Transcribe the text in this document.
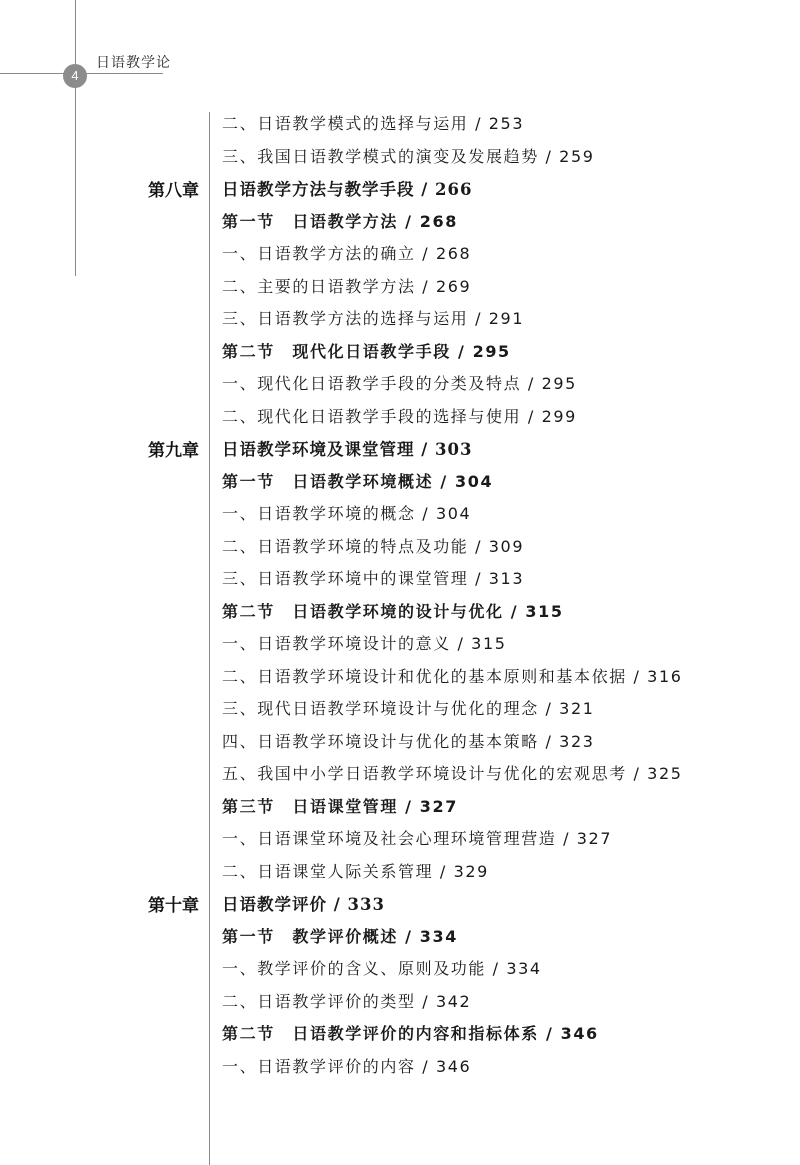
4
日语教学论
二、日语教学模式的选择与运用 / 253
三、我国日语教学模式的演变及发展趋势 / 259
第八章 日语教学方法与教学手段 / 266
第一节　日语教学方法 / 268
一、日语教学方法的确立 / 268
二、主要的日语教学方法 / 269
三、日语教学方法的选择与运用 / 291
第二节　现代化日语教学手段 / 295
一、现代化日语教学手段的分类及特点 / 295
二、现代化日语教学手段的选择与使用 / 299
第九章 日语教学环境及课堂管理 / 303
第一节　日语教学环境概述 / 304
一、日语教学环境的概念 / 304
二、日语教学环境的特点及功能 / 309
三、日语教学环境中的课堂管理 / 313
第二节　日语教学环境的设计与优化 / 315
一、日语教学环境设计的意义 / 315
二、日语教学环境设计和优化的基本原则和基本依据 / 316
三、现代日语教学环境设计与优化的理念 / 321
四、日语教学环境设计与优化的基本策略 / 323
五、我国中小学日语教学环境设计与优化的宏观思考 / 325
第三节　日语课堂管理 / 327
一、日语课堂环境及社会心理环境管理营造 / 327
二、日语课堂人际关系管理 / 329
第十章 日语教学评价 / 333
第一节　教学评价概述 / 334
一、教学评价的含义、原则及功能 / 334
二、日语教学评价的类型 / 342
第二节　日语教学评价的内容和指标体系 / 346
一、日语教学评价的内容 / 346
